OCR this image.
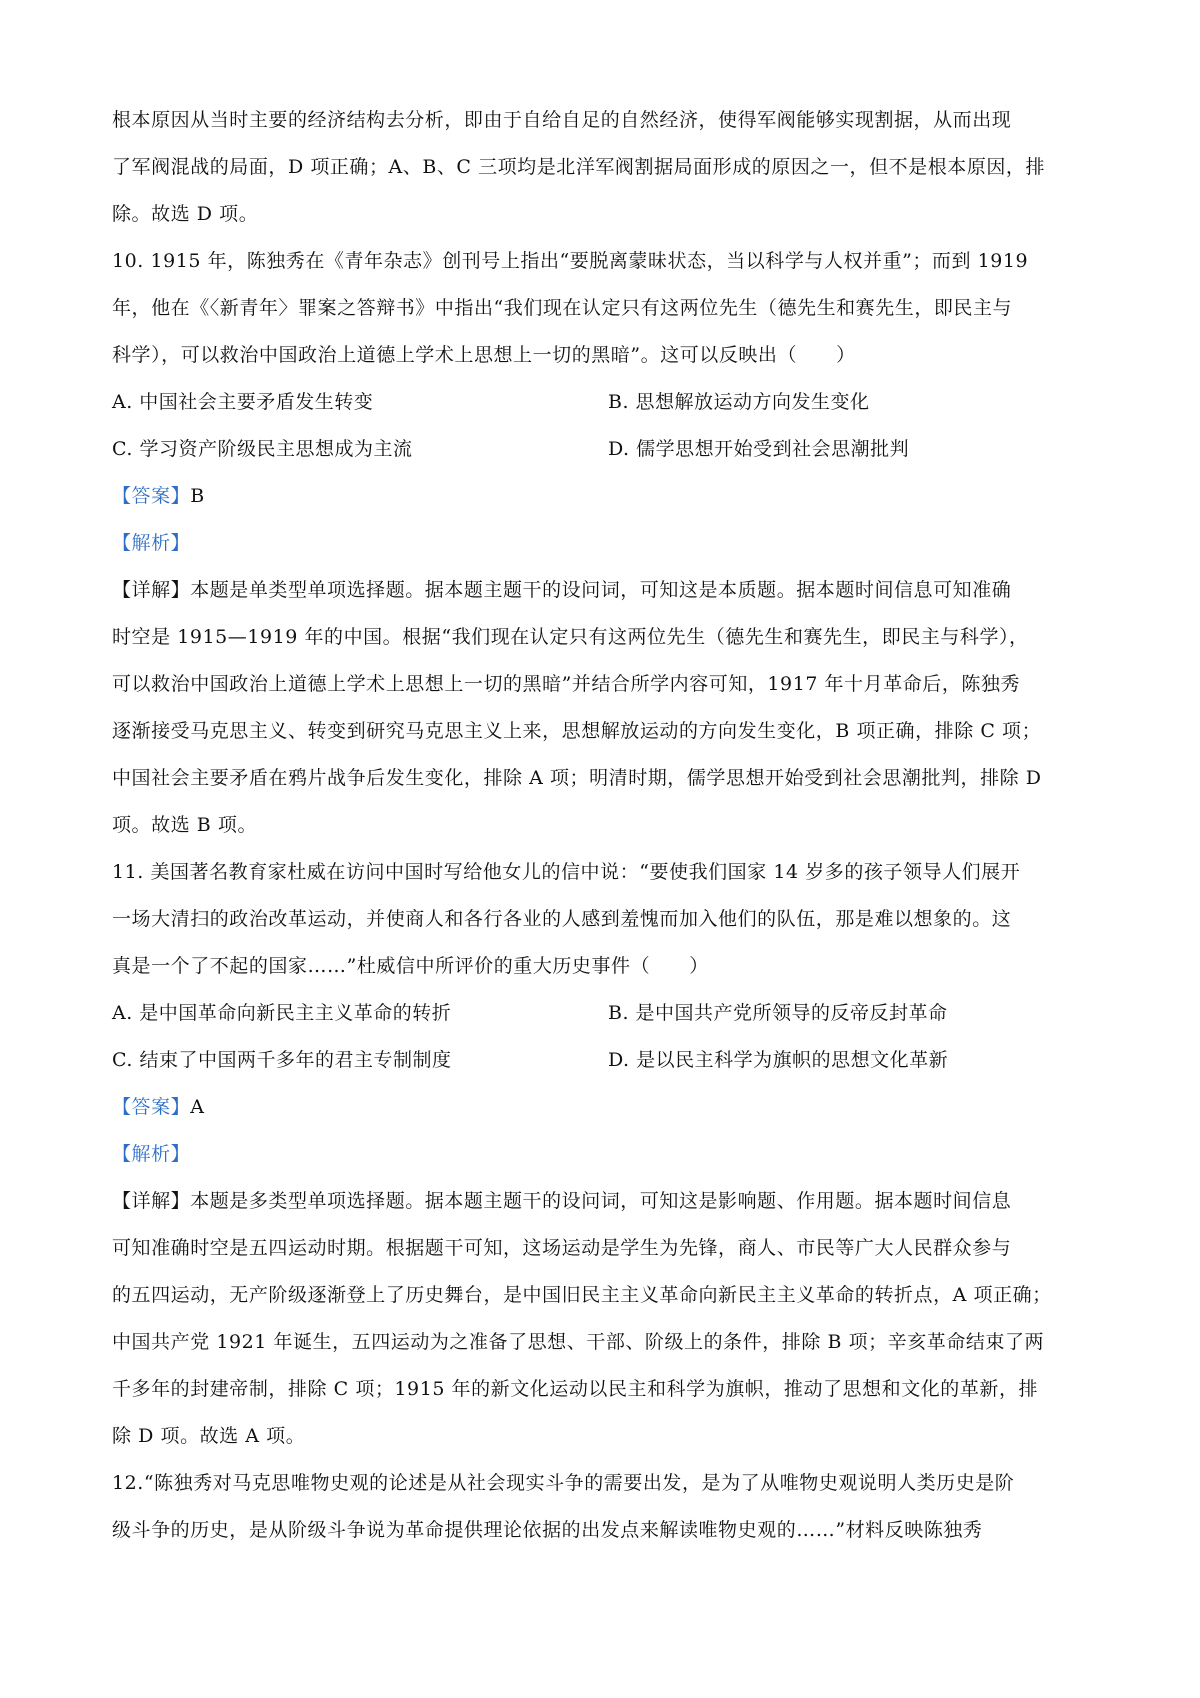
根本原因从当时主要的经济结构去分析，即由于自给自足的自然经济，使得军阀能够实现割据，从而出现
了军阀混战的局面，D 项正确；A、B、C 三项均是北洋军阀割据局面形成的原因之一，但不是根本原因，排
除。故选 D 项。
10. 1915 年，陈独秀在《青年杂志》创刊号上指出“要脱离蒙昧状态，当以科学与人权并重”；而到 1919
年，他在《〈新青年〉罪案之答辩书》中指出“我们现在认定只有这两位先生（德先生和赛先生，即民主与
科学），可以救治中国政治上道德上学术上思想上一切的黑暗”。这可以反映出（　　）
A. 中国社会主要矛盾发生转变	B. 思想解放运动方向发生变化
C. 学习资产阶级民主思想成为主流	D. 儒学思想开始受到社会思潮批判
【答案】B
【解析】
【详解】本题是单类型单项选择题。据本题主题干的设问词，可知这是本质题。据本题时间信息可知准确
时空是 1915—1919 年的中国。根据“我们现在认定只有这两位先生（德先生和赛先生，即民主与科学），
可以救治中国政治上道德上学术上思想上一切的黑暗”并结合所学内容可知，1917 年十月革命后，陈独秀
逐渐接受马克思主义、转变到研究马克思主义上来，思想解放运动的方向发生变化，B 项正确，排除 C 项；
中国社会主要矛盾在鸦片战争后发生变化，排除 A 项；明清时期，儒学思想开始受到社会思潮批判，排除 D
项。故选 B 项。
11. 美国著名教育家杜威在访问中国时写给他女儿的信中说：“要使我们国家 14 岁多的孩子领导人们展开
一场大清扫的政治改革运动，并使商人和各行各业的人感到羞愧而加入他们的队伍，那是难以想象的。这
真是一个了不起的国家……”杜威信中所评价的重大历史事件（　　）
A. 是中国革命向新民主主义革命的转折	B. 是中国共产党所领导的反帝反封革命
C. 结束了中国两千多年的君主专制制度	D. 是以民主科学为旗帜的思想文化革新
【答案】A
【解析】
【详解】本题是多类型单项选择题。据本题主题干的设问词，可知这是影响题、作用题。据本题时间信息
可知准确时空是五四运动时期。根据题干可知，这场运动是学生为先锋，商人、市民等广大人民群众参与
的五四运动，无产阶级逐渐登上了历史舞台，是中国旧民主主义革命向新民主主义革命的转折点，A 项正确；
中国共产党 1921 年诞生，五四运动为之准备了思想、干部、阶级上的条件，排除 B 项；辛亥革命结束了两
千多年的封建帝制，排除 C 项；1915 年的新文化运动以民主和科学为旗帜，推动了思想和文化的革新，排
除 D 项。故选 A 项。
12.“陈独秀对马克思唯物史观的论述是从社会现实斗争的需要出发，是为了从唯物史观说明人类历史是阶
级斗争的历史，是从阶级斗争说为革命提供理论依据的出发点来解读唯物史观的……”材料反映陈独秀
